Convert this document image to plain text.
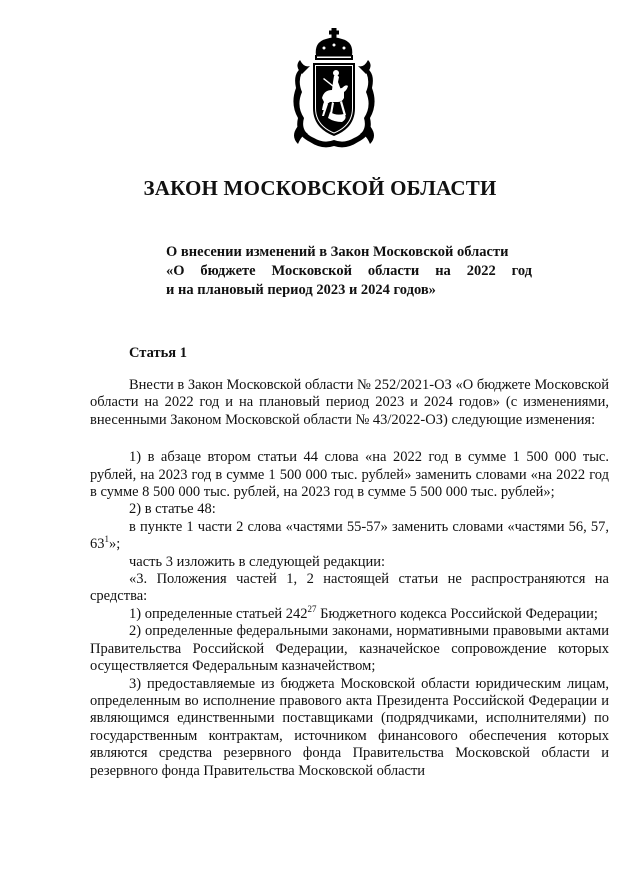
ЗАКОН МОСКОВСКОЙ ОБЛАСТИ
О внесении изменений в Закон Московской области
«О бюджете Московской области на 2022 год
и на плановый период 2023 и 2024 годов»
Статья 1

Внести в Закон Московской области № 252/2021-ОЗ «О бюджете Московской области на 2022 год и на плановый период 2023 и 2024 годов» (с изменениями, внесенными Законом Московской области № 43/2022-ОЗ) следующие изменения:

1) в абзаце втором статьи 44 слова «на 2022 год в сумме 1 500 000 тыс. рублей, на 2023 год в сумме 1 500 000 тыс. рублей» заменить словами «на 2022 год в сумме 8 500 000 тыс. рублей, на 2023 год в сумме 5 500 000 тыс. рублей»;

2) в статье 48:

в пункте 1 части 2 слова «частями 55-57» заменить словами «частями 56, 57, $63^1$»;

часть 3 изложить в следующей редакции:

«3. Положения частей 1, 2 настоящей статьи не распространяются на средства:

1) определенные статьей $242^{27}$ Бюджетного кодекса Российской Федерации;

2) определенные федеральными законами, нормативными правовыми актами Правительства Российской Федерации, казначейское сопровождение которых осуществляется Федеральным казначейством;

3) предоставляемые из бюджета Московской области юридическим лицам, определенным во исполнение правового акта Президента Российской Федерации и являющимся единственными поставщиками (подрядчиками, исполнителями) по государственным контрактам, источником финансового обеспечения которых являются средства резервного фонда Правительства Московской области и резервного фонда Правительства Московской области
